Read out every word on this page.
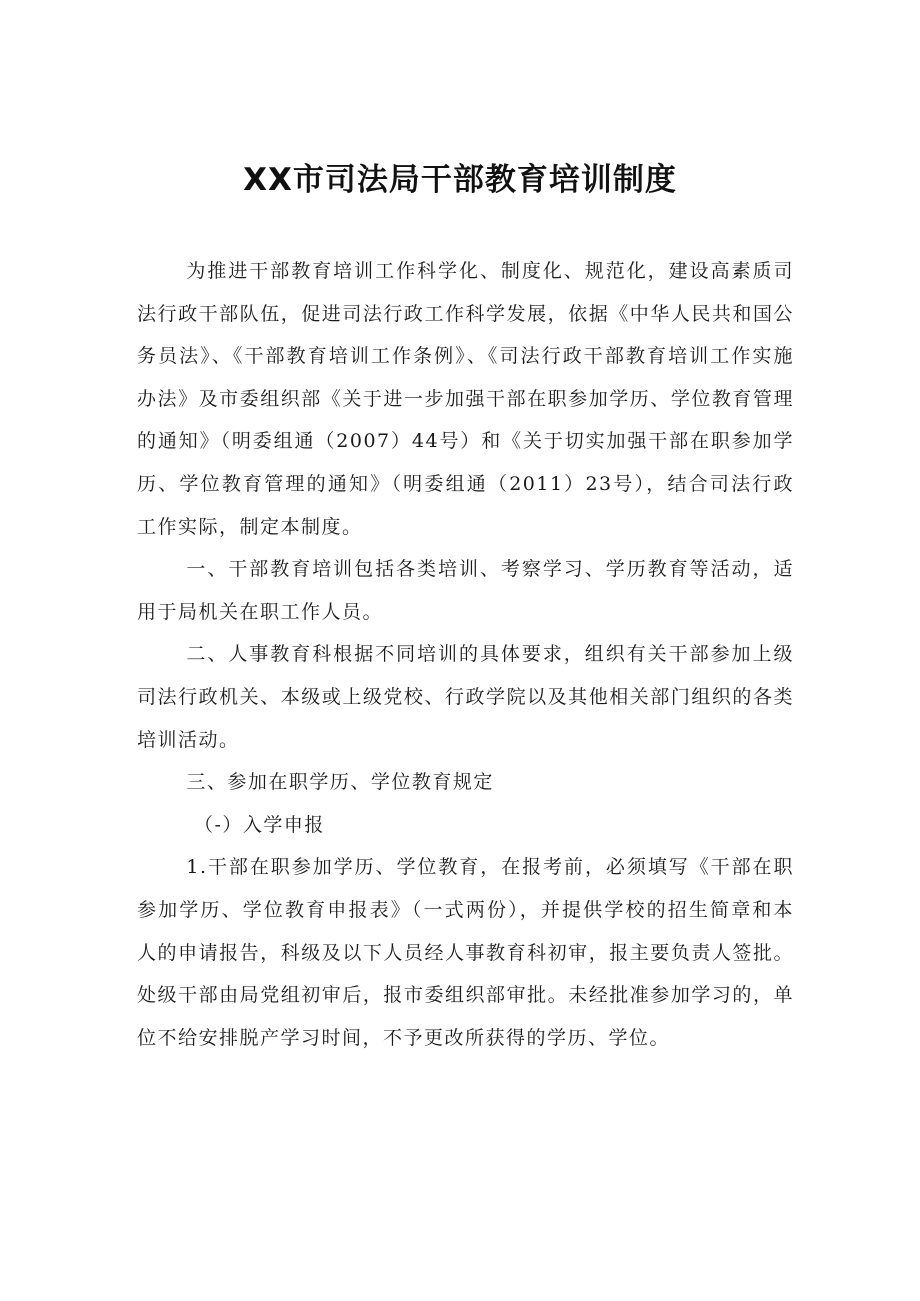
XX市司法局干部教育培训制度

为推进干部教育培训工作科学化、制度化、规范化，建设高素质司法行政干部队伍，促进司法行政工作科学发展，依据《中华人民共和国公务员法》、《干部教育培训工作条例》、《司法行政干部教育培训工作实施办法》及市委组织部《关于进一步加强干部在职参加学历、学位教育管理的通知》（明委组通（2007）44号）和《关于切实加强干部在职参加学历、学位教育管理的通知》（明委组通（2011）23号），结合司法行政工作实际，制定本制度。

一、干部教育培训包括各类培训、考察学习、学历教育等活动，适用于局机关在职工作人员。

二、人事教育科根据不同培训的具体要求，组织有关干部参加上级司法行政机关、本级或上级党校、行政学院以及其他相关部门组织的各类培训活动。

三、参加在职学历、学位教育规定

（-）入学申报

1.干部在职参加学历、学位教育，在报考前，必须填写《干部在职参加学历、学位教育申报表》（一式两份），并提供学校的招生简章和本人的申请报告，科级及以下人员经人事教育科初审，报主要负责人签批。处级干部由局党组初审后，报市委组织部审批。未经批准参加学习的，单位不给安排脱产学习时间，不予更改所获得的学历、学位。
